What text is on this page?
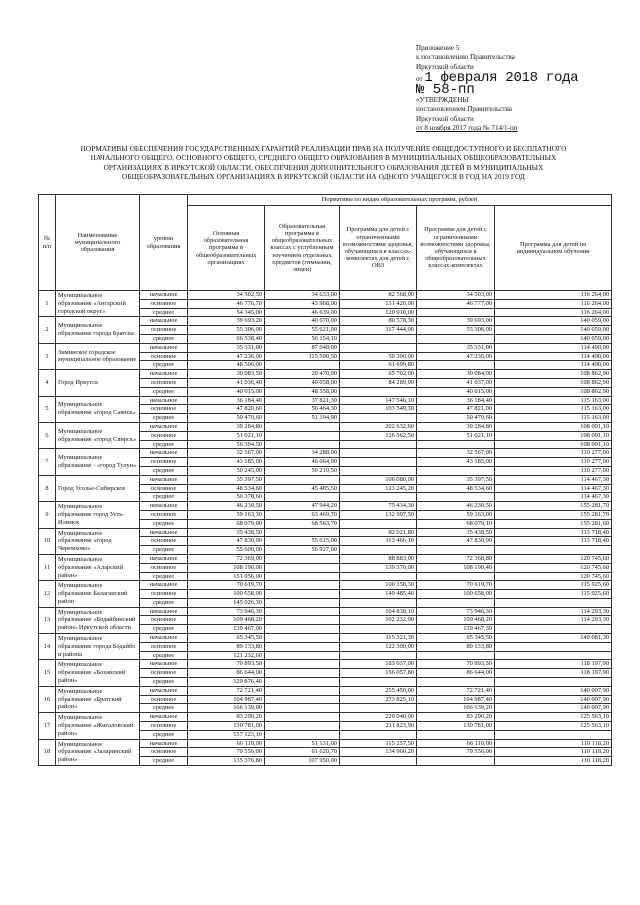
Приложение 5
к постановлению Правительства
Иркутской области
от 1 февраля 2018 года
№ 58-пп
«УТВЕРЖДЕНЫ
постановлением Правительства
Иркутской области
от 8 ноября 2017 года № 714/1-пп
НОРМАТИВЫ ОБЕСПЕЧЕНИЯ ГОСУДАРСТВЕННЫХ ГАРАНТИЙ РЕАЛИЗАЦИИ ПРАВ НА ПОЛУЧЕНИЕ ОБЩЕДОСТУПНОГО И БЕСПЛАТНОГО
НАЧАЛЬНОГО ОБЩЕГО, ОСНОВНОГО ОБЩЕГО, СРЕДНЕГО ОБЩЕГО ОБРАЗОВАНИЯ В МУНИЦИПАЛЬНЫХ ОБЩЕОБРАЗОВАТЕЛЬНЫХ
ОРГАНИЗАЦИЯХ В ИРКУТСКОЙ ОБЛАСТИ, ОБЕСПЕЧЕНИЯ ДОПОЛНИТЕЛЬНОГО ОБРАЗОВАНИЯ ДЕТЕЙ В МУНИЦИПАЛЬНЫХ
ОБЩЕОБРАЗОВАТЕЛЬНЫХ ОРГАНИЗАЦИЯХ В ИРКУТСКОЙ ОБЛАСТИ НА ОДНОГО УЧАЩЕГОСЯ В ГОД НА 2019 ГОД
№ п/п	Наименование муниципального образования	уровни образования	Нормативы по видам образовательных программ, рублей				
			Основная образовательная программа в общеобразовательных организациях	Образовательная программа в общеобразовательных классах с углубленным изучением отдельных предметов (гимназии, лицеи)	Программа для детей с ограниченными возможностями здоровья, обучающихся в классах-комплектах для детей с ОВЗ	Программа для детей с ограниченными возможностями здоровья, обучающихся в общеобразовательных классах-комплектах	Программа для детей на индивидуальном обучении
1	Муниципальное образование «Ангарский городской округ»	начальное	34 502,50	34 633,00	82 568,00	34 503,00	116 264,00
		основное	46 776,70	43 968,00	131 420,00	46 777,00	116 264,00
		среднее	54 345,00	46 639,00	120 910,00		116 264,00
2	Муниципальное образование города Братска	начальное	39 693,20	40 670,00	80 578,30	39 693,00	140 059,00
		основное	55 306,00	55 621,00	117 444,00	55 306,00	140 059,00
		среднее	66 538,40	56 154,10			140 059,00
3	Зиминское городское муниципальное образование	начальное	35 331,00	87 040,00		35 331,00	114 490,00
		основное	47 236,00	115 590,50	50 390,00	47 236,00	114 490,00
		среднее	48 506,00		61 699,80		114 490,00
4	Город Иркутск	начальное	30 083,50	29 470,00	65 702,00	30 084,00	108 862,90
		основное	41 036,40	40 058,00	84 289,90	41 037,00	108 862,90
		среднее	40 015,00	48 558,00		40 015,00	108 862,90
5	Муниципальное образование «город Саянск»	начальное	36 184,40	37 821,30	147 546,10	36 184,40	115 163,00
		основное	47 820,60	56 464,30	103 549,30	47 821,00	115 163,00
		среднее	50 470,60	51 194,90		50 470,60	115 163,00
6	Муниципальное образование «город Свирск»	начальное	39 284,80		202 632,60	39 284,80	108 091,10
		основное	51 021,10		126 562,50	51 021,10	108 091,10
		среднее	56 394,50				108 091,10
7	Муниципальное образование - «город Тулун»	начальное	32 567,00	34 288,00		32 567,00	110 277,00
		основное	43 185,00	46 064,00		43 185,00	110 277,00
		среднее	50 245,00	59 210,50			110 277,00
8	Город Усолье-Сибирское	начальное	35 397,50		106 080,00	35 397,50	114 467,30
		основное	48 534,60	45 485,50	123 245,20	48 534,60	114 467,30
		среднее	50 378,60				114 467,30
9	Муниципальное образование город Усть-Илимск	начальное	46 230,50	47 944,20	75 434,30	46 230,50	155 281,70
		основное	59 163,30	63 469,70	132 997,50	59 163,00	155 281,70
		среднее	68 079,00	68 563,70		68 079,10	155 281,60
10	Муниципальное образование «город Черемхово»	начальное	35 438,50		82 021,80	35 438,50	113 718,40
		основное	47 830,90	55 615,00	113 466,10	47 830,90	113 718,40
		среднее	55 600,00	56 927,00			
11	Муниципальное образование «Аларский район»	начальное	72 369,00		88 883,00	72 368,80	120 745,60
		основное	108 190,00		139 370,00	108 190,40	120 745,60
		среднее	151 056,00				120 745,60
12	Муниципальное образование Балаганский район	начальное	70 619,70		100 158,30	70 619,70	115 925,60
		основное	100 658,00		149 485,40	100 658,00	115 925,60
		среднее	145 026,30				
13	Муниципальное образование «Бодайбинский район» Иркутской области	начальное	73 946,30		104 838,10	73 946,30	114 293,30
		основное	109 468,20		102 232,90	109 468,20	114 293,30
		среднее	139 467,00			139 467,30	
14	Муниципальное образование города Бодайбо и района	начальное	65 345,50		115 321,30	65 345,50	149 081,30
		основное	89 133,80		122 300,00	89 133,80	
		среднее	121 232,60				
15	Муниципальное образование «Боханский район»	начальное	70 893,50		183 037,00	70 893,50	118 197,90
		основное	86 644,00		156 057,80	86 644,00	118 197,90
		среднее	129 876,40				
16	Муниципальное образование «Братский район»	начальное	72 721,40		255 450,00	72 721,40	140 007,90
		основное	104 987,40		273 825,10	104 987,40	140 007,90
		среднее	166 139,00			166 139,20	140 007,90
17	Муниципальное образование «Жигаловский район»	начальное	83 290,20		229 040,00	83 290,20	125 563,10
		основное	130 781,00		211 823,90	130 781,00	125 563,10
		среднее	157 123,10				
18	Муниципальное образование «Заларинский район»	начальное	66 110,00	51 131,00	115 257,50	66 110,00	110 118,20
		основное	79 556,00	61 620,70	134 960,20	79 556,00	110 118,20
		среднее	135 376,80	107 950,00			110 118,20
